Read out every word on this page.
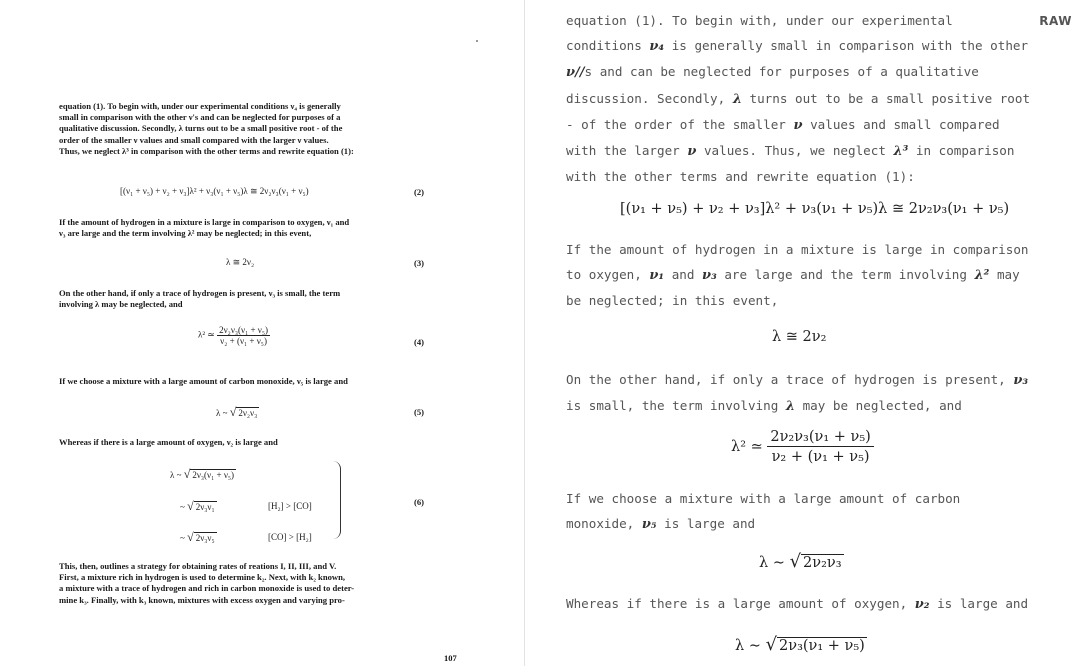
equation (1). To begin with, under our experimental conditions ν₄ is generally
small in comparison with the other ν's and can be neglected for purposes of a
qualitative discussion. Secondly, λ turns out to be a small positive root - of the
order of the smaller ν values and small compared with the larger ν values.
Thus, we neglect λ³ in comparison with the other terms and rewrite equation (1):
[(ν₁ + ν₅) + ν₂ + ν₃]λ² + ν₃(ν₁ + ν₅)λ ≅ 2ν₂ν₃(ν₁ + ν₅)	(2)
If the amount of hydrogen in a mixture is large in comparison to oxygen, ν₁ and
ν₃ are large and the term involving λ² may be neglected; in this event,
λ ≅ 2ν₂	(3)
On the other hand, if only a trace of hydrogen is present, ν₃ is small, the term
involving λ may be neglected, and
λ² ≃ $\frac{\text{2ν₂ν₃(ν₁ + ν₅)}}{\text{ν₂ + (ν₁ + ν₅)}}$	(4)
If we choose a mixture with a large amount of carbon monoxide, ν₅ is large and
λ ~ √ 2ν₂ν₃	(5)
Whereas if there is a large amount of oxygen, ν₂ is large and
λ ~ √ 2ν₃(ν₁ + ν₅)
~ √ 2ν₃ν₁	[H₂] > [CO]
~ √ 2ν₃ν₅	[CO] > [H₂]
(6)
This, then, outlines a strategy for obtaining rates of reations I, II, III, and V.
First, a mixture rich in hydrogen is used to determine k₂. Next, with k₂ known,
a mixture with a trace of hydrogen and rich in carbon monoxide is used to deter-
mine k₃. Finally, with k₃ known, mixtures with excess oxygen and varying pro-
107
RAW
equation (1). To begin with, under our experimental
conditions ν₄ is generally small in comparison with the other
ν//s and can be neglected for purposes of a qualitative
discussion. Secondly, λ turns out to be a small positive root
- of the order of the smaller ν values and small compared
with the larger ν values. Thus, we neglect λ³ in comparison
with the other terms and rewrite equation (1):
[(ν₁ + ν₅) + ν₂ + ν₃]λ² + ν₃(ν₁ + ν₅)λ ≅ 2ν₂ν₃(ν₁ + ν₅)
If the amount of hydrogen in a mixture is large in comparison
to oxygen, ν₁ and ν₃ are large and the term involving λ² may
be neglected; in this event,
λ ≅ 2ν₂
On the other hand, if only a trace of hydrogen is present, ν₃
is small, the term involving λ may be neglected, and
λ² ≃ $\frac{\text{2ν₂ν₃(ν₁ + ν₅)}}{\text{ν₂ + (ν₁ + ν₅)}}$
If we choose a mixture with a large amount of carbon
monoxide, ν₅ is large and
λ ∼ √ 2ν₂ν₃
Whereas if there is a large amount of oxygen, ν₂ is large and
λ ∼ √ 2ν₃(ν₁ + ν₅)
